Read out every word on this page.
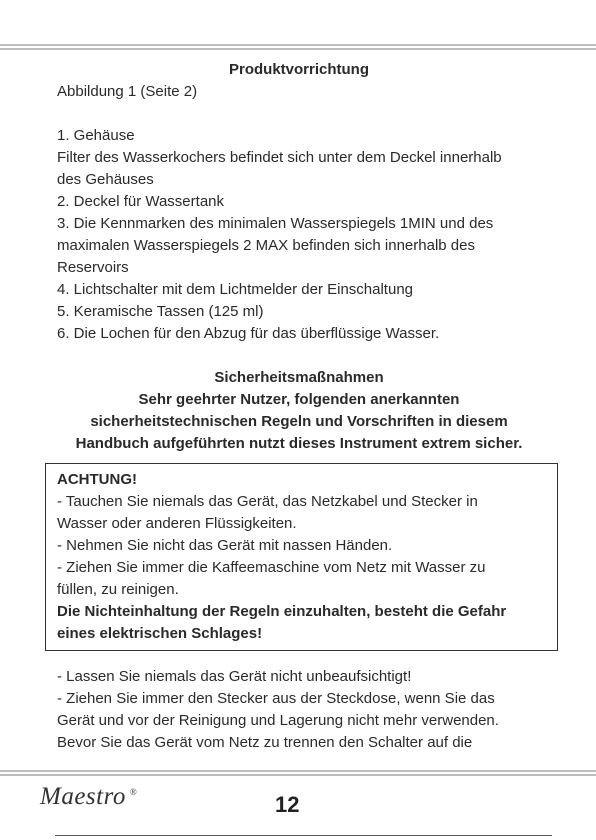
Produktvorrichtung
Abbildung 1 (Seite 2)
1. Gehäuse
Filter des Wasserkochers befindet sich unter dem Deckel innerhalb
des Gehäuses
2. Deckel für Wassertank
3. Die Kennmarken des minimalen Wasserspiegels 1MIN und des
maximalen Wasserspiegels 2 MAX befinden sich innerhalb des
Reservoirs
4. Lichtschalter mit dem Lichtmelder der Einschaltung
5. Keramische Tassen (125 ml)
6. Die Lochen für den Abzug für das überflüssige Wasser.
Sicherheitsmaßnahmen
Sehr geehrter Nutzer, folgenden anerkannten
sicherheitstechnischen Regeln und Vorschriften in diesem
Handbuch aufgeführten nutzt dieses Instrument extrem sicher.
ACHTUNG!
- Tauchen Sie niemals das Gerät, das Netzkabel und Stecker in
Wasser oder anderen Flüssigkeiten.
- Nehmen Sie nicht das Gerät mit nassen Händen.
- Ziehen Sie immer die Kaffeemaschine vom Netz mit Wasser zu
füllen, zu reinigen.
Die Nichteinhaltung der Regeln einzuhalten, besteht die Gefahr
eines elektrischen Schlages!
- Lassen Sie niemals das Gerät nicht unbeaufsichtigt!
- Ziehen Sie immer den Stecker aus der Steckdose, wenn Sie das
Gerät und vor der Reinigung und Lagerung nicht mehr verwenden.
Bevor Sie das Gerät vom Netz zu trennen den Schalter auf die
Maestro ®
12
